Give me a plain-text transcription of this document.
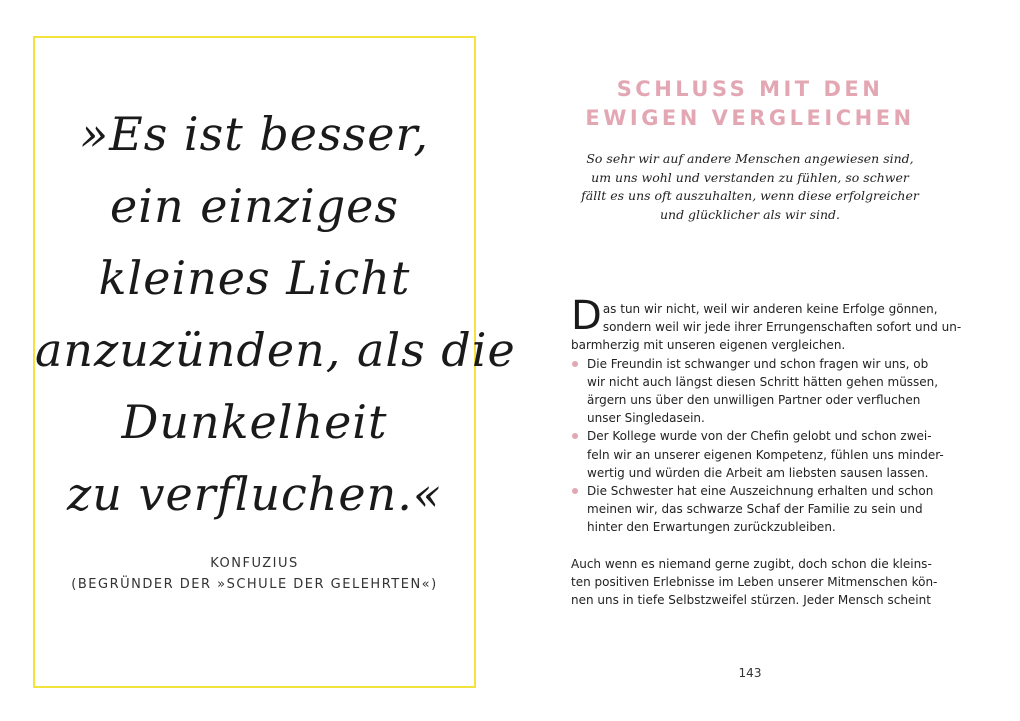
»Es ist besser,
ein einziges
kleines Licht
anzuzünden, als die
Dunkelheit
zu verfluchen.«
KONFUZIUS
(BEGRÜNDER DER »SCHULE DER GELEHRTEN«)
SCHLUSS MIT DEN
EWIGEN VERGLEICHEN
So sehr wir auf andere Menschen angewiesen sind,
um uns wohl und verstanden zu fühlen, so schwer
fällt es uns oft auszuhalten, wenn diese erfolgreicher
und glücklicher als wir sind.
D as tun wir nicht, weil wir anderen keine Erfolge gönnen,
sondern weil wir jede ihrer Errungenschaften sofort und un-
barmherzig mit unseren eigenen vergleichen.
Die Freundin ist schwanger und schon fragen wir uns, ob
wir nicht auch längst diesen Schritt hätten gehen müssen,
ärgern uns über den unwilligen Partner oder verfluchen
unser Singledasein.
Der Kollege wurde von der Chefin gelobt und schon zwei-
feln wir an unserer eigenen Kompetenz, fühlen uns minder-
wertig und würden die Arbeit am liebsten sausen lassen.
Die Schwester hat eine Auszeichnung erhalten und schon
meinen wir, das schwarze Schaf der Familie zu sein und
hinter den Erwartungen zurückzubleiben.
Auch wenn es niemand gerne zugibt, doch schon die kleins-
ten positiven Erlebnisse im Leben unserer Mitmenschen kön-
nen uns in tiefe Selbstzweifel stürzen. Jeder Mensch scheint
143
